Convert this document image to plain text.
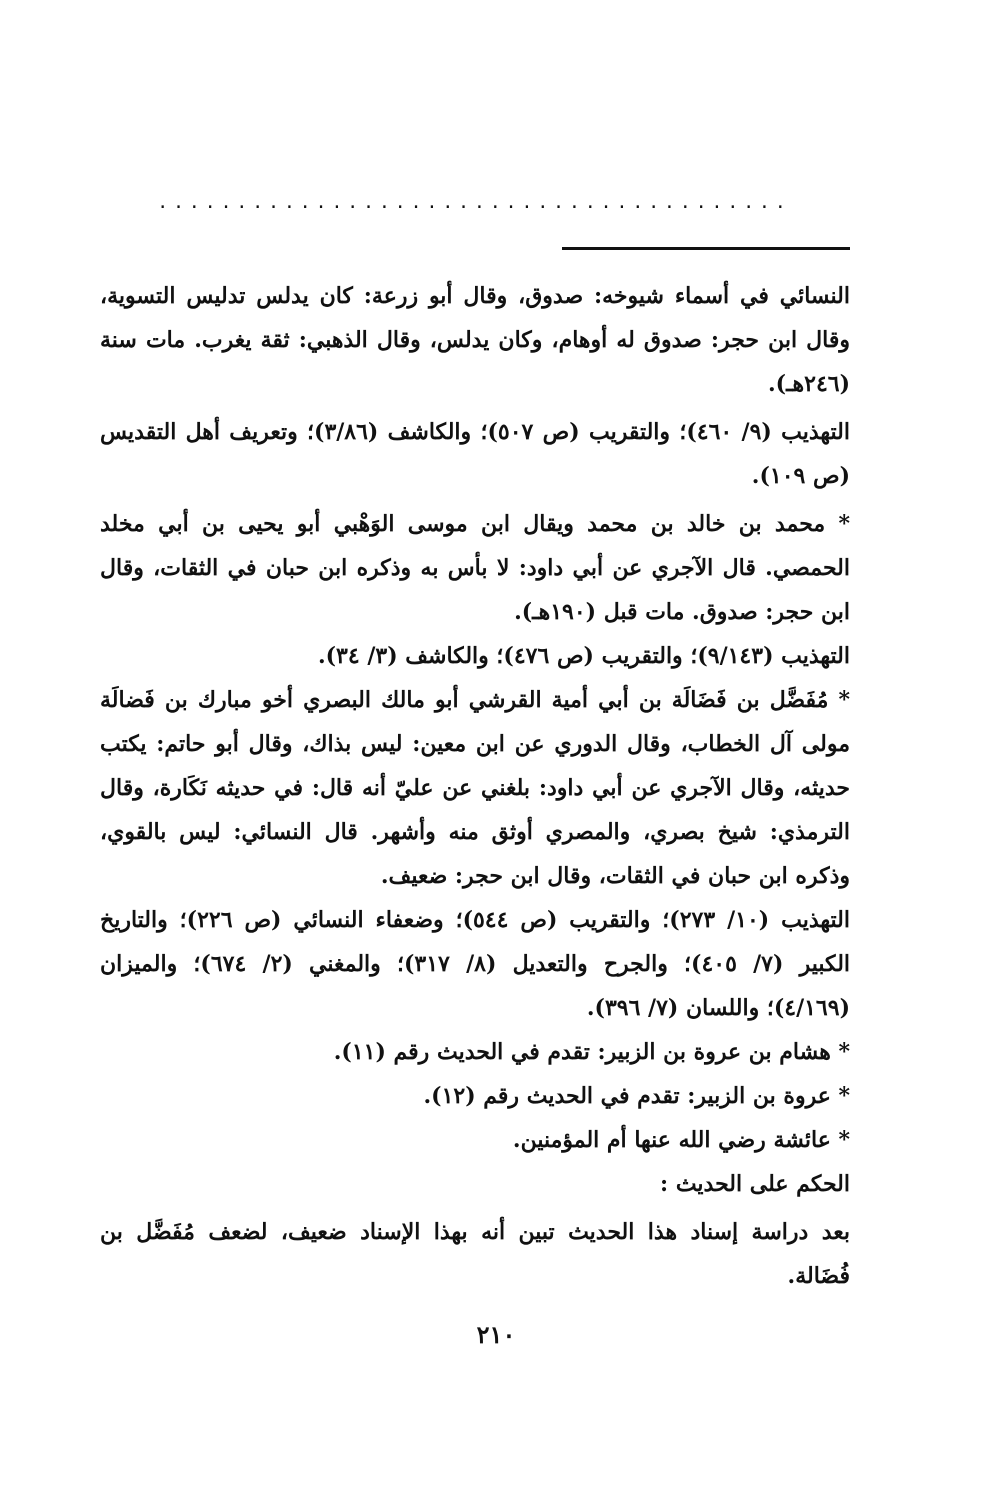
........................................

النسائي في أسماء شيوخه: صدوق، وقال أبو زرعة: كان يدلس تدليس التسوية، وقال ابن حجر: صدوق له أوهام، وكان يدلس، وقال الذهبي: ثقة يغرب. مات سنة (٢٤٦هـ).

التهذيب (٩/ ٤٦٠)؛ والتقريب (ص ٥٠٧)؛ والكاشف (٣/٨٦)؛ وتعريف أهل التقديس (ص ١٠٩).

* محمد بن خالد بن محمد ويقال ابن موسى الوَهْبي أبو يحيى بن أبي مخلد الحمصي. قال الآجري عن أبي داود: لا بأس به وذكره ابن حبان في الثقات، وقال ابن حجر: صدوق. مات قبل (١٩٠هـ).

التهذيب (٩/١٤٣)؛ والتقريب (ص ٤٧٦)؛ والكاشف (٣/ ٣٤).

* مُفَضَّل بن فَضَالَة بن أبي أمية القرشي أبو مالك البصري أخو مبارك بن فَضالَة مولى آل الخطاب، وقال الدوري عن ابن معين: ليس بذاك، وقال أبو حاتم: يكتب حديثه، وقال الآجري عن أبي داود: بلغني عن عليّ أنه قال: في حديثه نَكَارة، وقال الترمذي: شيخ بصري، والمصري أوثق منه وأشهر. قال النسائي: ليس بالقوي، وذكره ابن حبان في الثقات، وقال ابن حجر: ضعيف.

التهذيب (١٠/ ٢٧٣)؛ والتقريب (ص ٥٤٤)؛ وضعفاء النسائي (ص ٢٢٦)؛ والتاريخ الكبير (٧/ ٤٠٥)؛ والجرح والتعديل (٨/ ٣١٧)؛ والمغني (٢/ ٦٧٤)؛ والميزان (٤/١٦٩)؛ واللسان (٧/ ٣٩٦).

* هشام بن عروة بن الزبير: تقدم في الحديث رقم (١١).

* عروة بن الزبير: تقدم في الحديث رقم (١٢).

* عائشة رضي الله عنها أم المؤمنين.

الحكم على الحديث :

بعد دراسة إسناد هذا الحديث تبين أنه بهذا الإسناد ضعيف، لضعف مُفَضَّل بن فُضَالة.

٢١٠
